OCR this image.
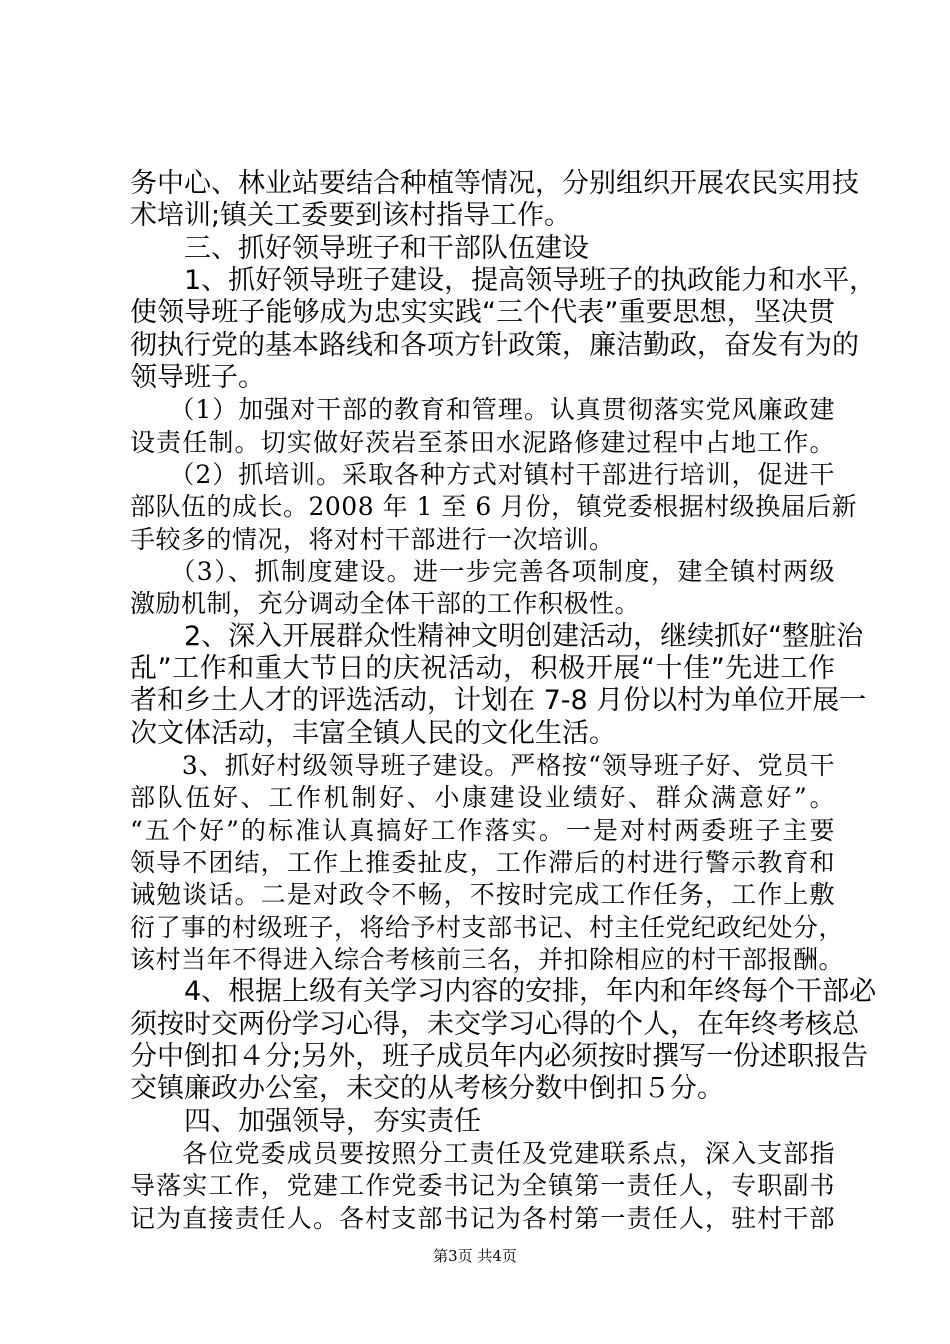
务中心、林业站要结合种植等情况，分别组织开展农民实用技
术培训;镇关工委要到该村指导工作。
　　三、抓好领导班子和干部队伍建设
　　1、抓好领导班子建设，提高领导班子的执政能力和水平，
使领导班子能够成为忠实实践“三个代表”重要思想，坚决贯
彻执行党的基本路线和各项方针政策，廉洁勤政，奋发有为的
领导班子。
　　（1）加强对干部的教育和管理。认真贯彻落实党风廉政建
设责任制。切实做好茨岩至茶田水泥路修建过程中占地工作。
　　（2）抓培训。采取各种方式对镇村干部进行培训，促进干
部队伍的成长。2008 年 1 至 6 月份，镇党委根据村级换届后新
手较多的情况，将对村干部进行一次培训。
　　（3）、抓制度建设。进一步完善各项制度，建全镇村两级
激励机制，充分调动全体干部的工作积极性。
　　2、深入开展群众性精神文明创建活动，继续抓好“整脏治
乱”工作和重大节日的庆祝活动，积极开展“十佳”先进工作
者和乡土人才的评选活动，计划在 7-8 月份以村为单位开展一
次文体活动，丰富全镇人民的文化生活。
　　3、抓好村级领导班子建设。严格按“领导班子好、党员干
部队伍好、工作机制好、小康建设业绩好、群众满意好”。
“五个好”的标准认真搞好工作落实。一是对村两委班子主要
领导不团结，工作上推委扯皮，工作滞后的村进行警示教育和
诫勉谈话。二是对政令不畅，不按时完成工作任务，工作上敷
衍了事的村级班子，将给予村支部书记、村主任党纪政纪处分，
该村当年不得进入综合考核前三名，并扣除相应的村干部报酬。
　　4、根据上级有关学习内容的安排，年内和年终每个干部必
须按时交两份学习心得，未交学习心得的个人，在年终考核总
分中倒扣４分;另外，班子成员年内必须按时撰写一份述职报告
交镇廉政办公室，未交的从考核分数中倒扣５分。
　　四、加强领导，夯实责任
　　各位党委成员要按照分工责任及党建联系点，深入支部指
导落实工作，党建工作党委书记为全镇第一责任人，专职副书
记为直接责任人。各村支部书记为各村第一责任人，驻村干部
第3页 共4页
